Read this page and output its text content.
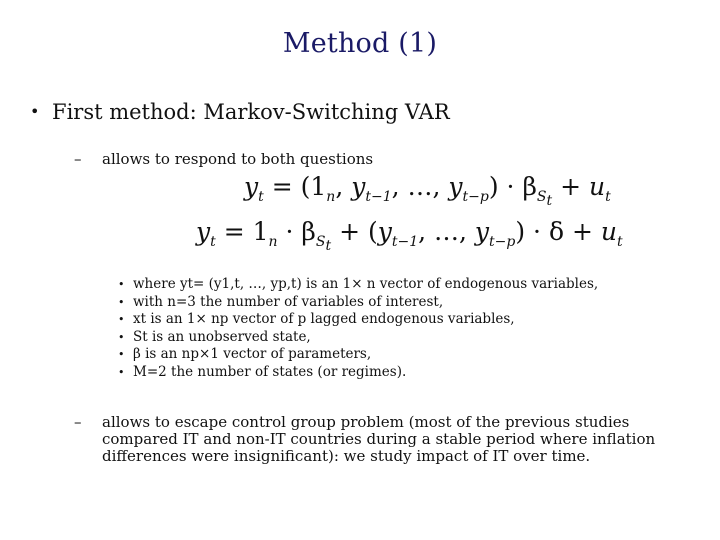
Method (1)
• First method: Markov-Switching VAR
– allows to respond to both questions
$y_t = (1_n$, $y_{t-1}$, …, $y_{t-p}) \cdot \beta_{S_t} + u_t$
$y_t = 1_n \cdot \beta_{S_t} + (y_{t-1}$, …, $y_{t-p}) \cdot \delta + u_t$
• where yt= (y1,t, …, yp,t) is an 1× n vector of endogenous variables,
• with n=3 the number of variables of interest,
• xt is an 1× np vector of p lagged endogenous variables,
• St is an unobserved state,
• β is an np×1 vector of parameters,
• M=2 the number of states (or regimes).
– allows to escape control group problem (most of the previous studies compared IT and non-IT countries during a stable period where inflation differences were insignificant): we study impact of IT over time.
